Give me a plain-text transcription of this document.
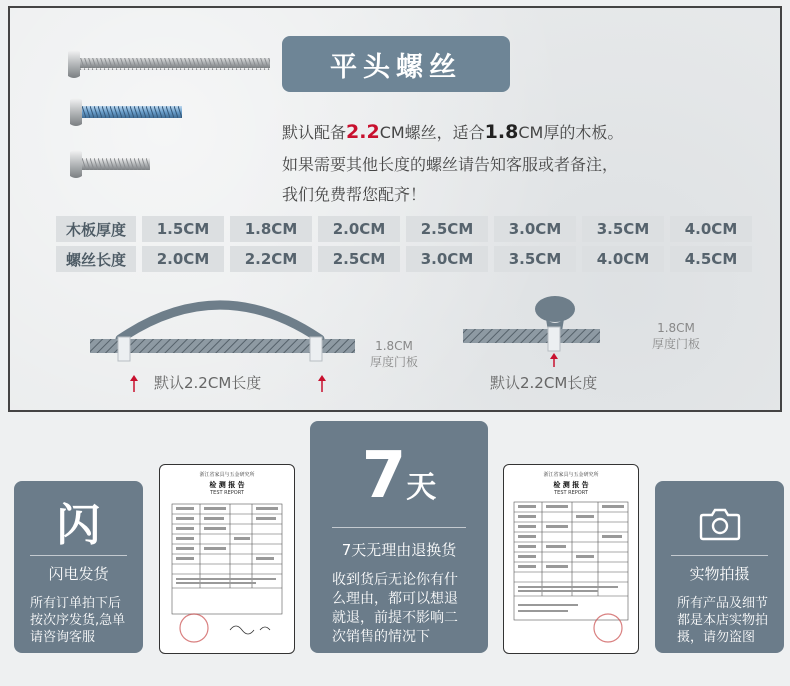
平头螺丝
默认配备2.2CM螺丝，适合1.8CM厚的木板。
如果需要其他长度的螺丝请告知客服或者备注，
我们免费帮您配齐！
木板厚度	1.5CM	1.8CM	2.0CM	2.5CM	3.0CM	3.5CM	4.0CM
螺丝长度	2.0CM	2.2CM	2.5CM	3.0CM	3.5CM	4.0CM	4.5CM
1.8CM
厚度门板
1.8CM
厚度门板
默认2.2CM长度	默认2.2CM长度
闪
闪电发货
所有订单拍下后
按次序发货,急单
请咨询客服
浙江省家具与五金研究所
检 测 报 告
TEST REPORT	7天
7天无理由退换货
收到货后无论你有什
么理由，都可以想退
就退，前提不影响二
次销售的情况下
浙江省家具与五金研究所
检 测 报 告
TEST REPORT
实物拍摄
所有产品及细节
都是本店实物拍
摄，请勿盗图
